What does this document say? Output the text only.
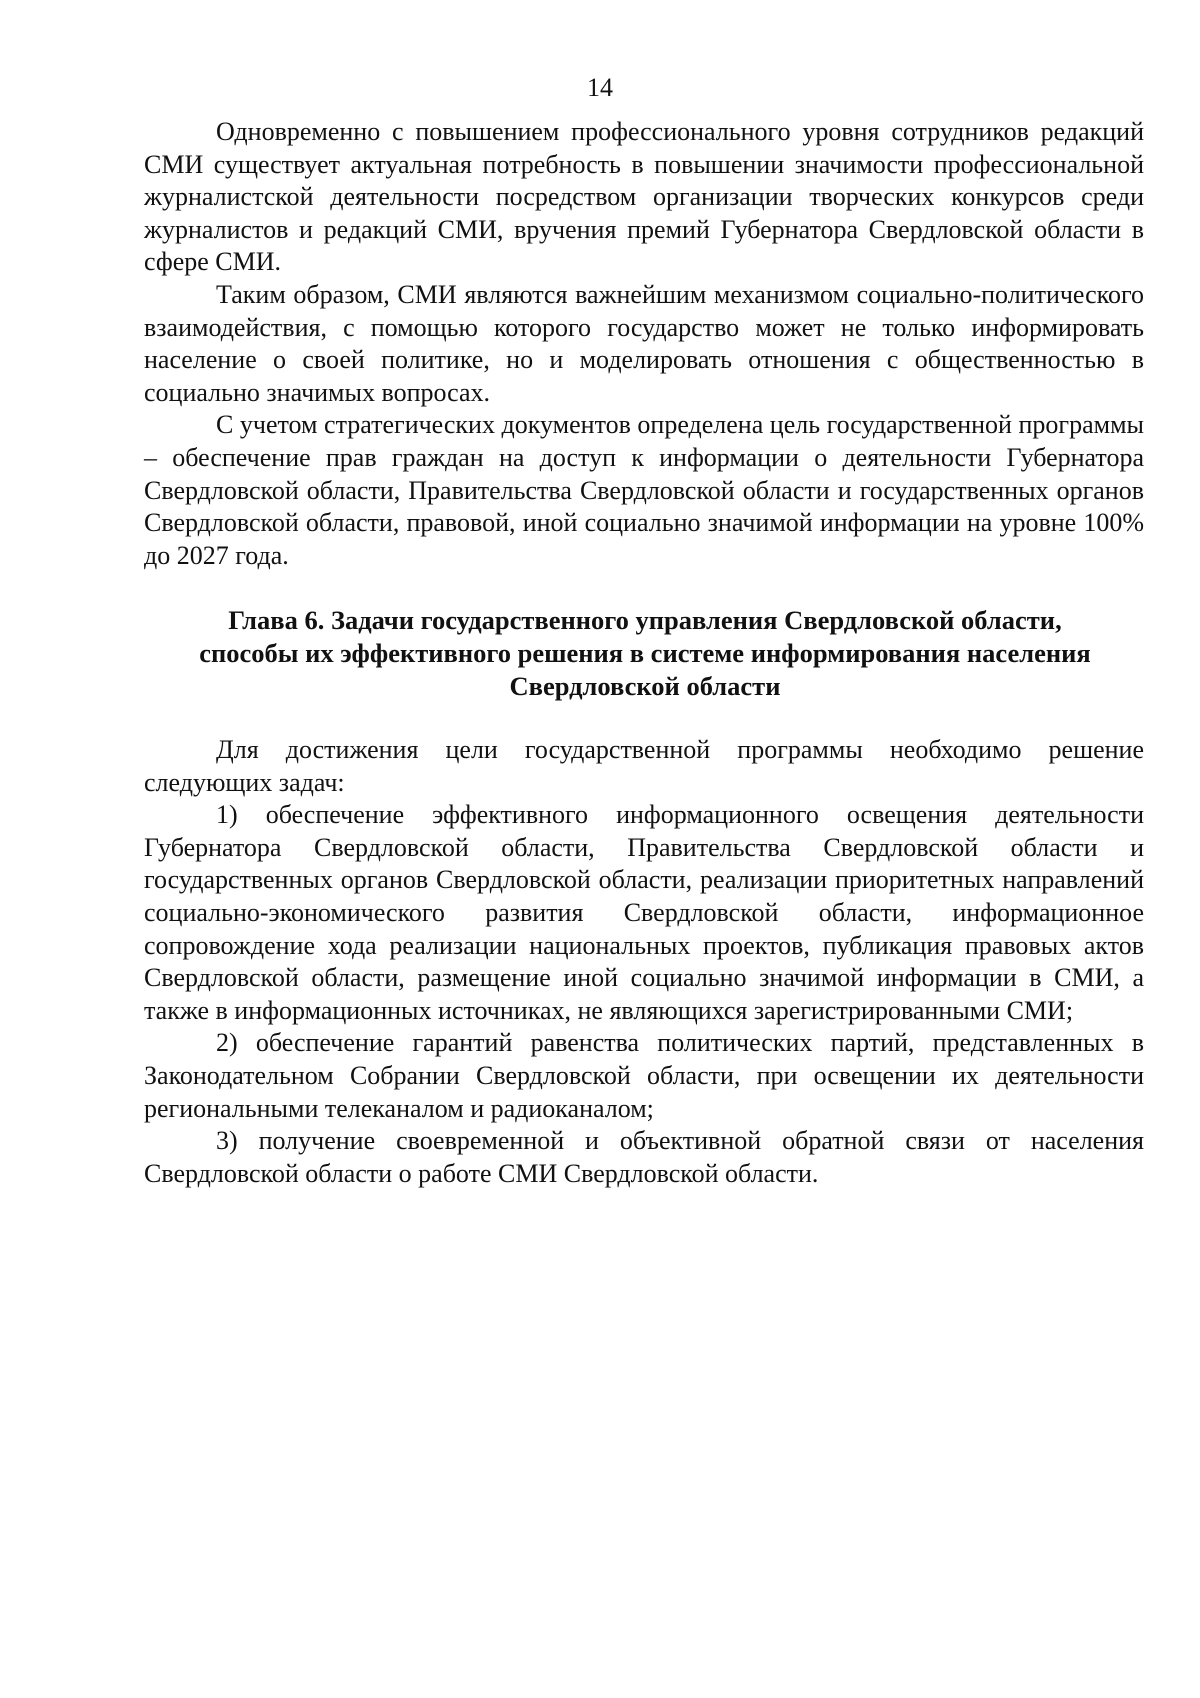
14

Одновременно с повышением профессионального уровня сотрудников редакций СМИ существует актуальная потребность в повышении значимости профессиональной журналистской деятельности посредством организации творческих конкурсов среди журналистов и редакций СМИ, вручения премий Губернатора Свердловской области в сфере СМИ.

Таким образом, СМИ являются важнейшим механизмом социально-политического взаимодействия, с помощью которого государство может не только информировать население о своей политике, но и моделировать отношения с общественностью в социально значимых вопросах.

С учетом стратегических документов определена цель государственной программы – обеспечение прав граждан на доступ к информации о деятельности Губернатора Свердловской области, Правительства Свердловской области и государственных органов Свердловской области, правовой, иной социально значимой информации на уровне 100% до 2027 года.

Глава 6. Задачи государственного управления Свердловской области,
способы их эффективного решения в системе информирования населения
Свердловской области

Для достижения цели государственной программы необходимо решение следующих задач:

1) обеспечение эффективного информационного освещения деятельности Губернатора Свердловской области, Правительства Свердловской области и государственных органов Свердловской области, реализации приоритетных направлений социально-экономического развития Свердловской области, информационное сопровождение хода реализации национальных проектов, публикация правовых актов Свердловской области, размещение иной социально значимой информации в СМИ, а также в информационных источниках, не являющихся зарегистрированными СМИ;

2) обеспечение гарантий равенства политических партий, представленных в Законодательном Собрании Свердловской области, при освещении их деятельности региональными телеканалом и радиоканалом;

3) получение своевременной и объективной обратной связи от населения Свердловской области о работе СМИ Свердловской области.
